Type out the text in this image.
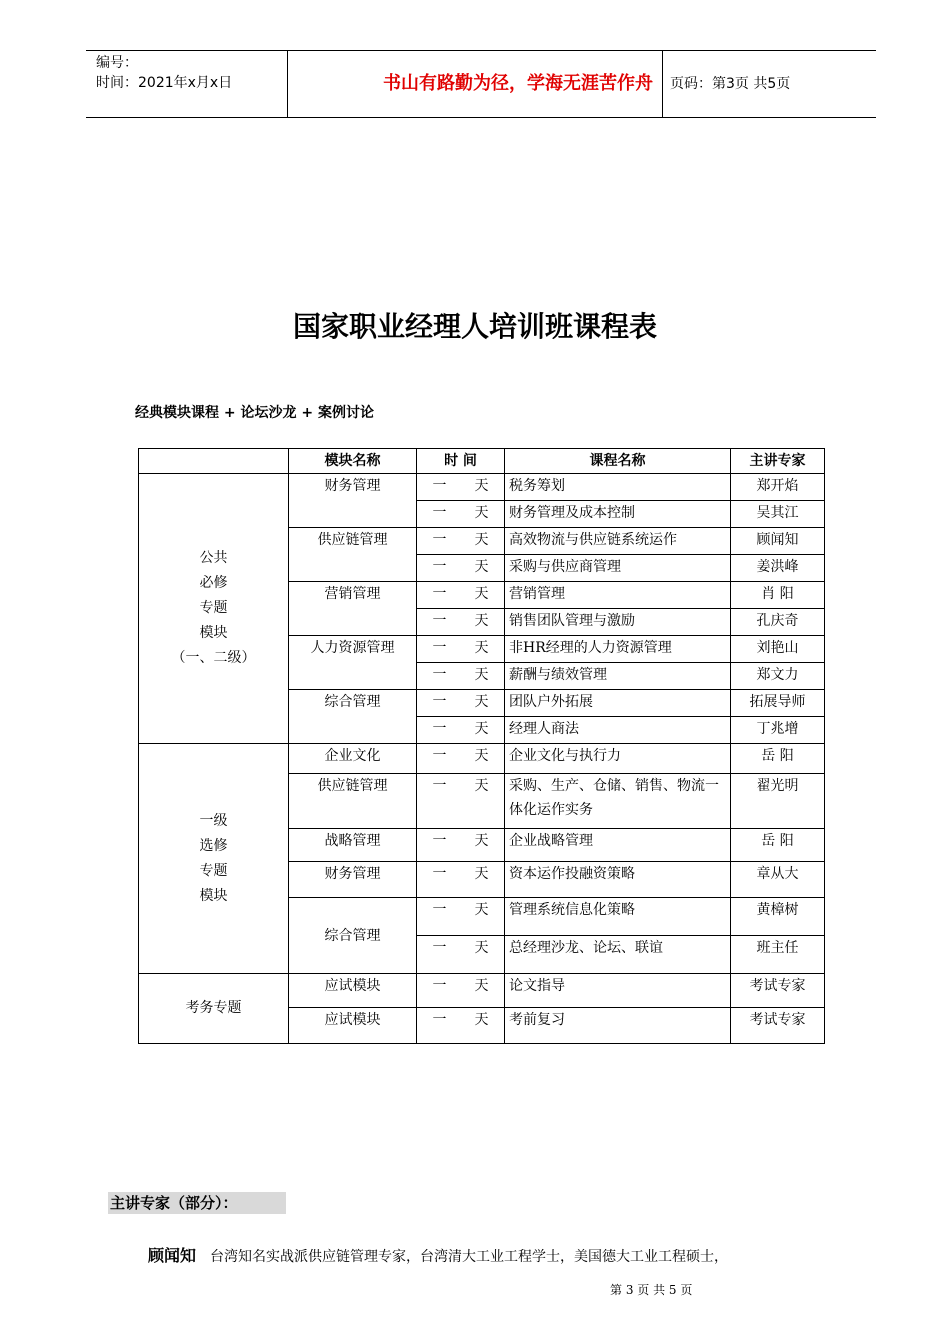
编号：
时间：2021年x月x日	书山有路勤为径，学海无涯苦作舟	页码：第3页 共5页
国家职业经理人培训班课程表
经典模块课程 + 论坛沙龙 + 案例讨论
	模块名称	时 间	课程名称	主讲专家

公共
必修
专题
模块
（一、二级）	财务管理	一 天	税务筹划	郑开焰
		一 天	财务管理及成本控制	吴其江
	供应链管理	一 天	高效物流与供应链系统运作	顾闻知
		一 天	采购与供应商管理	姜洪峰
	营销管理	一 天	营销管理	肖 阳
		一 天	销售团队管理与激励	孔庆奇
	人力资源管理	一 天	非HR经理的人力资源管理	刘艳山
		一 天	薪酬与绩效管理	郑文力
	综合管理	一 天	团队户外拓展	拓展导师
		一 天	经理人商法	丁兆增

一级
选修
专题
模块	企业文化	一 天	企业文化与执行力	岳 阳
	供应链管理	一 天	采购、生产、仓储、销售、物流一体化运作实务	翟光明
	战略管理	一 天	企业战略管理	岳 阳
	财务管理	一 天	资本运作投融资策略	章从大
	综合管理	一 天	管理系统信息化策略	黄樟树
		一 天	总经理沙龙、论坛、联谊	班主任

考务专题	应试模块	一 天	论文指导	考试专家
	应试模块	一 天	考前复习	考试专家
主讲专家（部分）：
顾闻知 台湾知名实战派供应链管理专家，台湾清大工业工程学士，美国德大工业工程硕士，
第 3 页 共 5 页
